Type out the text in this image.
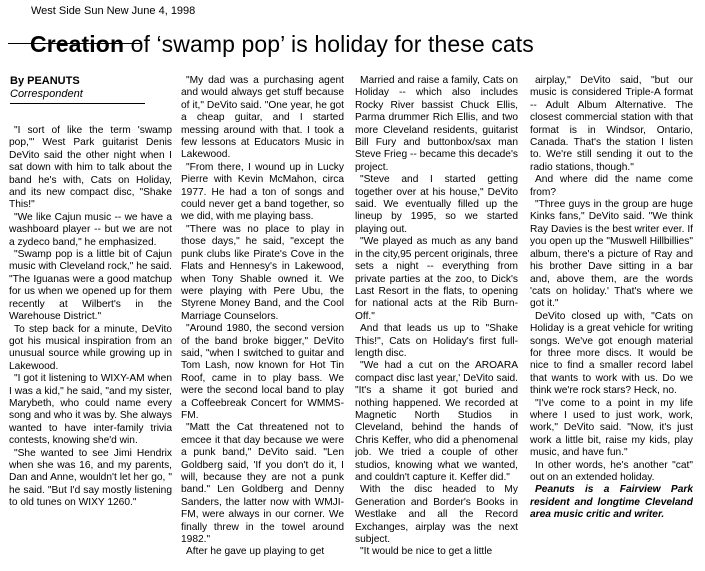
West Side Sun New June 4, 1998
Creation of ‘swamp pop’ is holiday for these cats
By PEANUTS
Correspondent

"I sort of like the term 'swamp pop,'" West Park guitarist Denis DeVito said the other night when I sat down with him to talk about the band he's with, Cats on Holiday, and its new compact disc, "Shake This!"

"We like Cajun music -- we have a washboard player -- but we are not a zydeco band," he emphasized.

"Swamp pop is a little bit of Cajun music with Cleveland rock," he said. "The Iguanas were a good matchup for us when we opened up for them recently at Wilbert's in the Warehouse District."

To step back for a minute, DeVito got his musical inspiration from an unusual source while growing up in Lakewood.

"I got it listening to WIXY-AM when I was a kid," he said, "and my sister, Marybeth, who could name every song and who it was by. She always wanted to have inter-family trivia contests, knowing she'd win.

"She wanted to see Jimi Hendrix when she was 16, and my parents, Dan and Anne, wouldn't let her go, " he said. "But I'd say mostly listening to old tunes on WIXY 1260."

"My dad was a purchasing agent and would always get stuff because of it," DeVito said. "One year, he got a cheap guitar, and I started messing around with that. I took a few lessons at Educators Music in Lakewood.

"From there, I wound up in Lucky Pierre with Kevin McMahon, circa 1977. He had a ton of songs and could never get a band together, so we did, with me playing bass.

"There was no place to play in those days," he said, "except the punk clubs like Pirate's Cove in the Flats and Hennesy's in Lakewood, when Tony Shable owned it. We were playing with Pere Ubu, the Styrene Money Band, and the Cool Marriage Counselors.

"Around 1980, the second version of the band broke bigger," DeVito said, "when I switched to guitar and Tom Lash, now known for Hot Tin Roof, came in to play bass. We were the second local band to play a Coffeebreak Concert for WMMS-FM.

"Matt the Cat threatened not to emcee it that day because we were a punk band," DeVito said. "Len Goldberg said, 'If you don't do it, I will, because they are not a punk band." Len Goldberg and Denny Sanders, the latter now with WMJI-FM, were always in our corner. We finally threw in the towel around 1982."

After he gave up playing to get

Married and raise a family, Cats on Holiday -- which also includes Rocky River bassist Chuck Ellis, Parma drummer Rich Ellis, and two more Cleveland residents, guitarist Bill Fury and buttonbox/sax man Steve Frieg -- became this decade's project.

"Steve and I started getting together over at his house," DeVito said. We eventually filled up the lineup by 1995, so we started playing out.

"We played as much as any band in the city,95 percent originals, three sets a night -- everything from private parties at the zoo, to Dick's Last Resort in the flats, to opening for national acts at the Rib Burn-Off."

And that leads us up to "Shake This!", Cats on Holiday's first full-length disc.

"We had a cut on the AROARA compact disc last year,' DeVito said. "It's a shame it got buried and nothing happened. We recorded at Magnetic North Studios in Cleveland, behind the hands of Chris Keffer, who did a phenomenal job. We tried a couple of other studios, knowing what we wanted, and couldn't capture it. Keffer did."

With the disc headed to My Generation and Border's Books in Westlake and all the Record Exchanges, airplay was the next subject.

"It would be nice to get a little

airplay," DeVito said, "but our music is considered Triple-A format -- Adult Album Alternative. The closest commercial station with that format is in Windsor, Ontario, Canada. That's the station I listen to. We're still sending it out to the radio stations, though."

And where did the name come from?

"Three guys in the group are huge Kinks fans," DeVito said. "We think Ray Davies is the best writer ever. If you open up the "Muswell Hillbillies" album, there's a picture of Ray and his brother Dave sitting in a bar and, above them, are the words 'cats on holiday.' That's where we got it."

DeVito closed up with, "Cats on Holiday is a great vehicle for writing songs. We've got enough material for three more discs. It would be nice to find a smaller record label that wants to work with us. Do we think we're rock stars? Heck, no.

"I've come to a point in my life where I used to just work, work, work," DeVito said. "Now, it's just work a little bit, raise my kids, play music, and have fun."

In other words, he's another "cat" out on an extended holiday.

Peanuts is a Fairview Park resident and longtime Cleveland area music critic and writer.
